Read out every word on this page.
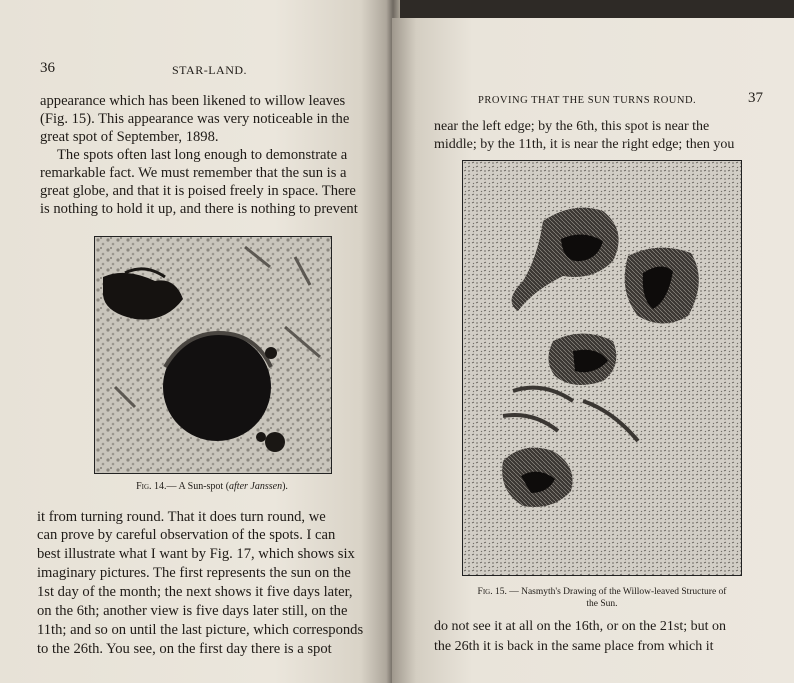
36	STAR-LAND.
appearance which has been likened to willow leaves
(Fig. 15). This appearance was very noticeable in the
great spot of September, 1898.
The spots often last long enough to demonstrate a
remarkable fact. We must remember that the sun is a
great globe, and that it is poised freely in space. There
is nothing to hold it up, and there is nothing to prevent
Fig. 14.— A Sun-spot (after Janssen).
it from turning round. That it does turn round, we
can prove by careful observation of the spots. I can
best illustrate what I want by Fig. 17, which shows six
imaginary pictures. The first represents the sun on the
1st day of the month; the next shows it five days later,
on the 6th; another view is five days later still, on the
11th; and so on until the last picture, which corresponds
to the 26th. You see, on the first day there is a spot
PROVING THAT THE SUN TURNS ROUND.	37
near the left edge; by the 6th, this spot is near the
middle; by the 11th, it is near the right edge; then you
Fig. 15. — Nasmyth's Drawing of the Willow-leaved Structure of
the Sun.
do not see it at all on the 16th, or on the 21st; but on
the 26th it is back in the same place from which it
